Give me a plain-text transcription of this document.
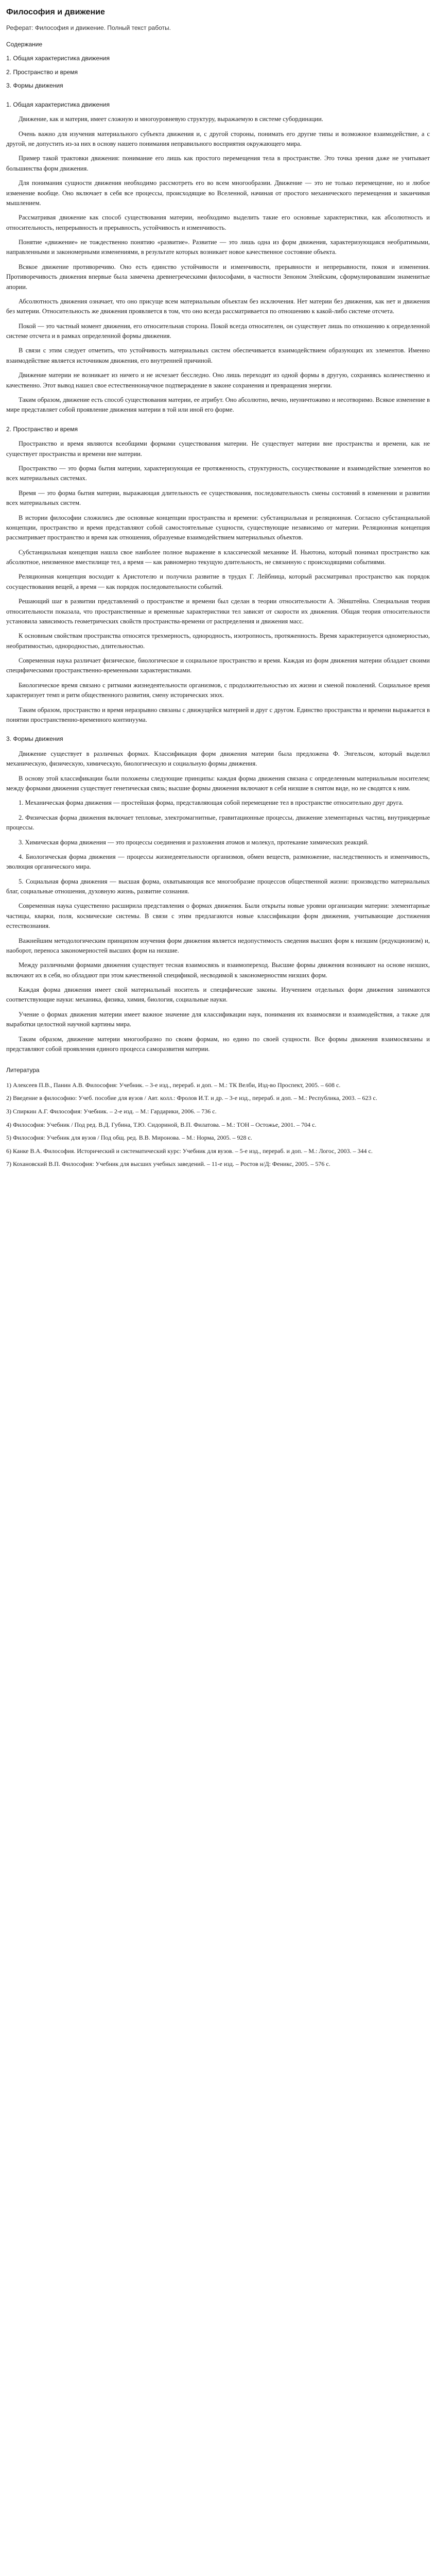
Философия и движение
Реферат: Философия и движение. Полный текст работы.
Содержание
1. Общая характеристика движения
2. Пространство и время
3. Формы движения
1. Общая характеристика движения

Движение, как и материя, имеет сложную и многоуровневую структуру, выражаемую в системе субординации.

Очень важно для изучения материального субъекта движения и, с другой стороны, понимать его другие типы и возможное взаимодействие, а с другой, не допустить из-за них в основу нашего понимания неправильного восприятия окружающего мира.

Пример такой трактовки движения: понимание его лишь как простого перемещения тела в пространстве. Это точка зрения даже не учитывает большинства форм движения.

Для понимания сущности движения необходимо рассмотреть его во всем многообразии. Движение — это не только перемещение, но и любое изменение вообще. Оно включает в себя все процессы, происходящие во Вселенной, начиная от простого механического перемещения и заканчивая мышлением.

Рассматривая движение как способ существования материи, необходимо выделить такие его основные характеристики, как абсолютность и относительность, непрерывность и прерывность, устойчивость и изменчивость.

Понятие «движение» не тождественно понятию «развитие». Развитие — это лишь одна из форм движения, характеризующаяся необратимыми, направленными и закономерными изменениями, в результате которых возникает новое качественное состояние объекта.

Всякое движение противоречиво. Оно есть единство устойчивости и изменчивости, прерывности и непрерывности, покоя и изменения. Противоречивость движения впервые была замечена древнегреческими философами, в частности Зеноном Элейским, сформулировавшим знаменитые апории.

Абсолютность движения означает, что оно присуще всем материальным объектам без исключения. Нет материи без движения, как нет и движения без материи. Относительность же движения проявляется в том, что оно всегда рассматривается по отношению к какой-либо системе отсчета.

Покой — это частный момент движения, его относительная сторона. Покой всегда относителен, он существует лишь по отношению к определенной системе отсчета и в рамках определенной формы движения.

В связи с этим следует отметить, что устойчивость материальных систем обеспечивается взаимодействием образующих их элементов. Именно взаимодействие является источником движения, его внутренней причиной.

Движение материи не возникает из ничего и не исчезает бесследно. Оно лишь переходит из одной формы в другую, сохраняясь количественно и качественно. Этот вывод нашел свое естественнонаучное подтверждение в законе сохранения и превращения энергии.

Таким образом, движение есть способ существования материи, ее атрибут. Оно абсолютно, вечно, неуничтожимо и несотворимо. Всякое изменение в мире представляет собой проявление движения материи в той или иной его форме.

2. Пространство и время

Пространство и время являются всеобщими формами существования материи. Не существует материи вне пространства и времени, как не существует пространства и времени вне материи.

Пространство — это форма бытия материи, характеризующая ее протяженность, структурность, сосуществование и взаимодействие элементов во всех материальных системах.

Время — это форма бытия материи, выражающая длительность ее существования, последовательность смены состояний в изменении и развитии всех материальных систем.

В истории философии сложились две основные концепции пространства и времени: субстанциальная и реляционная. Согласно субстанциальной концепции, пространство и время представляют собой самостоятельные сущности, существующие независимо от материи. Реляционная концепция рассматривает пространство и время как отношения, образуемые взаимодействием материальных объектов.

Субстанциальная концепция нашла свое наиболее полное выражение в классической механике И. Ньютона, который понимал пространство как абсолютное, неизменное вместилище тел, а время — как равномерно текущую длительность, не связанную с происходящими событиями.

Реляционная концепция восходит к Аристотелю и получила развитие в трудах Г. Лейбница, который рассматривал пространство как порядок сосуществования вещей, а время — как порядок последовательности событий.

Решающий шаг в развитии представлений о пространстве и времени был сделан в теории относительности А. Эйнштейна. Специальная теория относительности показала, что пространственные и временные характеристики тел зависят от скорости их движения. Общая теория относительности установила зависимость геометрических свойств пространства-времени от распределения и движения масс.

К основным свойствам пространства относятся трехмерность, однородность, изотропность, протяженность. Время характеризуется одномерностью, необратимостью, однородностью, длительностью.

Современная наука различает физическое, биологическое и социальное пространство и время. Каждая из форм движения материи обладает своими специфическими пространственно-временными характеристиками.

Биологическое время связано с ритмами жизнедеятельности организмов, с продолжительностью их жизни и сменой поколений. Социальное время характеризует темп и ритм общественного развития, смену исторических эпох.

Таким образом, пространство и время неразрывно связаны с движущейся материей и друг с другом. Единство пространства и времени выражается в понятии пространственно-временного континуума.

3. Формы движения

Движение существует в различных формах. Классификация форм движения материи была предложена Ф. Энгельсом, который выделил механическую, физическую, химическую, биологическую и социальную формы движения.

В основу этой классификации были положены следующие принципы: каждая форма движения связана с определенным материальным носителем; между формами движения существует генетическая связь; высшие формы движения включают в себя низшие в снятом виде, но не сводятся к ним.

1. Механическая форма движения — простейшая форма, представляющая собой перемещение тел в пространстве относительно друг друга.

2. Физическая форма движения включает тепловые, электромагнитные, гравитационные процессы, движение элементарных частиц, внутриядерные процессы.

3. Химическая форма движения — это процессы соединения и разложения атомов и молекул, протекание химических реакций.

4. Биологическая форма движения — процессы жизнедеятельности организмов, обмен веществ, размножение, наследственность и изменчивость, эволюция органического мира.

5. Социальная форма движения — высшая форма, охватывающая все многообразие процессов общественной жизни: производство материальных благ, социальные отношения, духовную жизнь, развитие сознания.

Современная наука существенно расширила представления о формах движения. Были открыты новые уровни организации материи: элементарные частицы, кварки, поля, космические системы. В связи с этим предлагаются новые классификации форм движения, учитывающие достижения естествознания.

Важнейшим методологическим принципом изучения форм движения является недопустимость сведения высших форм к низшим (редукционизм) и, наоборот, переноса закономерностей высших форм на низшие.

Между различными формами движения существует тесная взаимосвязь и взаимопереход. Высшие формы движения возникают на основе низших, включают их в себя, но обладают при этом качественной спецификой, несводимой к закономерностям низших форм.

Каждая форма движения имеет свой материальный носитель и специфические законы. Изучением отдельных форм движения занимаются соответствующие науки: механика, физика, химия, биология, социальные науки.

Учение о формах движения материи имеет важное значение для классификации наук, понимания их взаимосвязи и взаимодействия, а также для выработки целостной научной картины мира.

Таким образом, движение материи многообразно по своим формам, но едино по своей сущности. Все формы движения взаимосвязаны и представляют собой проявления единого процесса саморазвития материи.

Литература
1) Алексеев П.В., Панин А.В. Философия: Учебник. – 3-е изд., перераб. и доп. – М.: ТК Велби, Изд-во Проспект, 2005. – 608 с.
2) Введение в философию: Учеб. пособие для вузов / Авт. колл.: Фролов И.Т. и др. – 3-е изд., перераб. и доп. – М.: Республика, 2003. – 623 с.
3) Спиркин А.Г. Философия: Учебник. – 2-е изд. – М.: Гардарики, 2006. – 736 с.
4) Философия: Учебник / Под ред. В.Д. Губина, Т.Ю. Сидориной, В.П. Филатова. – М.: ТОН – Остожье, 2001. – 704 с.
5) Философия: Учебник для вузов / Под общ. ред. В.В. Миронова. – М.: Норма, 2005. – 928 с.
6) Канке В.А. Философия. Исторический и систематический курс: Учебник для вузов. – 5-е изд., перераб. и доп. – М.: Логос, 2003. – 344 с.
7) Кохановский В.П. Философия: Учебник для высших учебных заведений. – 11-е изд. – Ростов н/Д: Феникс, 2005. – 576 с.
